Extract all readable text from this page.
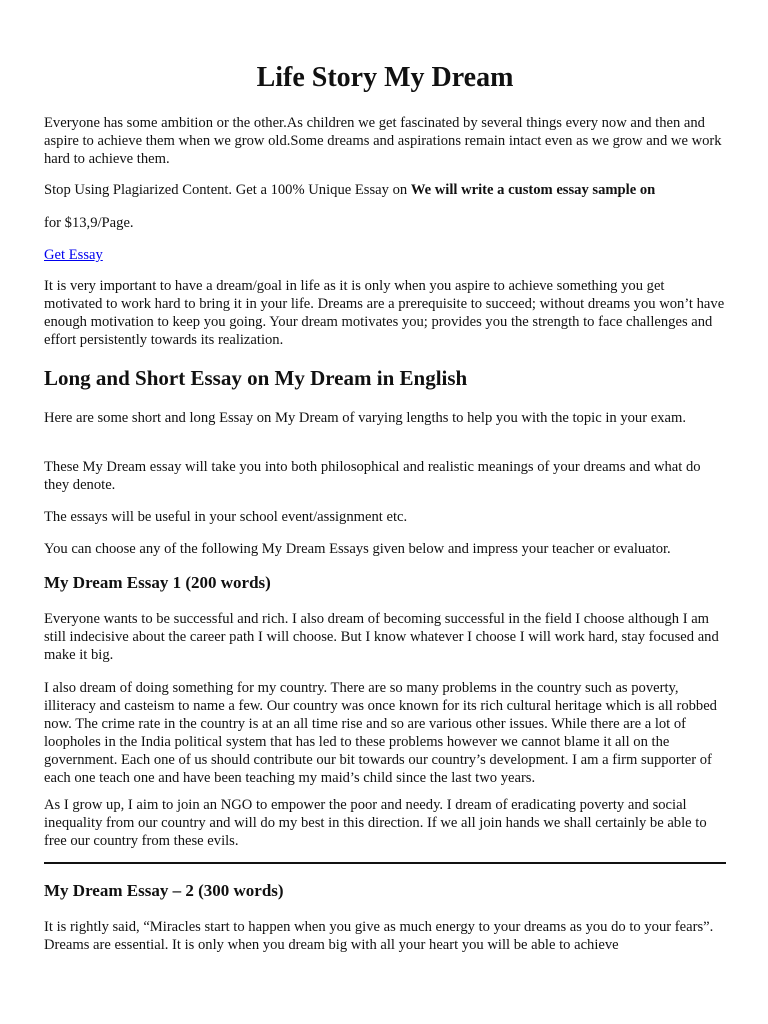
Life Story My Dream

Everyone has some ambition or the other.As children we get fascinated by several things every now and then and aspire to achieve them when we grow old.Some dreams and aspirations remain intact even as we grow and we work hard to achieve them.

Stop Using Plagiarized Content. Get a 100% Unique Essay on We will write a custom essay sample on

for $13,9/Page.

Get Essay

It is very important to have a dream/goal in life as it is only when you aspire to achieve something you get motivated to work hard to bring it in your life. Dreams are a prerequisite to succeed; without dreams you won’t have enough motivation to keep you going. Your dream motivates you; provides you the strength to face challenges and effort persistently towards its realization.

Long and Short Essay on My Dream in English

Here are some short and long Essay on My Dream of varying lengths to help you with the topic in your exam.

These My Dream essay will take you into both philosophical and realistic meanings of your dreams and what do they denote.

The essays will be useful in your school event/assignment etc.

You can choose any of the following My Dream Essays given below and impress your teacher or evaluator.

My Dream Essay 1 (200 words)

Everyone wants to be successful and rich. I also dream of becoming successful in the field I choose although I am still indecisive about the career path I will choose. But I know whatever I choose I will work hard, stay focused and make it big.

I also dream of doing something for my country. There are so many problems in the country such as poverty, illiteracy and casteism to name a few. Our country was once known for its rich cultural heritage which is all robbed now. The crime rate in the country is at an all time rise and so are various other issues. While there are a lot of loopholes in the India political system that has led to these problems however we cannot blame it all on the government. Each one of us should contribute our bit towards our country’s development. I am a firm supporter of each one teach one and have been teaching my maid’s child since the last two years.

As I grow up, I aim to join an NGO to empower the poor and needy. I dream of eradicating poverty and social inequality from our country and will do my best in this direction. If we all join hands we shall certainly be able to free our country from these evils.

My Dream Essay – 2 (300 words)

It is rightly said, “Miracles start to happen when you give as much energy to your dreams as you do to your fears”. Dreams are essential. It is only when you dream big with all your heart you will be able to achieve
